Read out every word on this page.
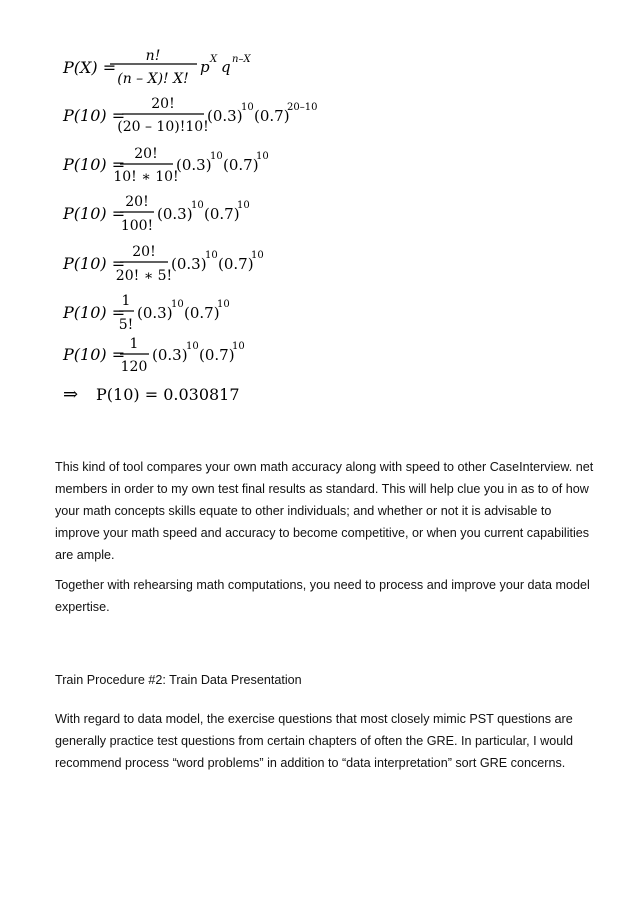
P(X) =
n!
(n – X)! X!
p X q n–X
P(10) =
20!
(20 – 10)!10!
(0.3)
10 (0.7)
20–10
P(10) =
20!
10! ∗ 10!
(0.3)
10 (0.7)
10
P(10) =
20!
100!
(0.3)
10 (0.7)
10
P(10) =
20!
20! ∗ 5!
(0.3)
10 (0.7)
10
P(10) =
1
5!
(0.3)
10 (0.7)
10
P(10) =
1
120
(0.3)
10 (0.7)
10
⇒ P(10) = 0.030817

This kind of tool compares your own math accuracy along with speed to other CaseInterview. net members in order to my own test final results as standard. This will help clue you in as to of how your math concepts skills equate to other individuals; and whether or not it is advisable to improve your math speed and accuracy to become competitive, or when you current capabilities are ample.

Together with rehearsing math computations, you need to process and improve your data model expertise.

Train Procedure #2: Train Data Presentation

With regard to data model, the exercise questions that most closely mimic PST questions are generally practice test questions from certain chapters of often the GRE. In particular, I would recommend process “word problems” in addition to “data interpretation” sort GRE concerns.
